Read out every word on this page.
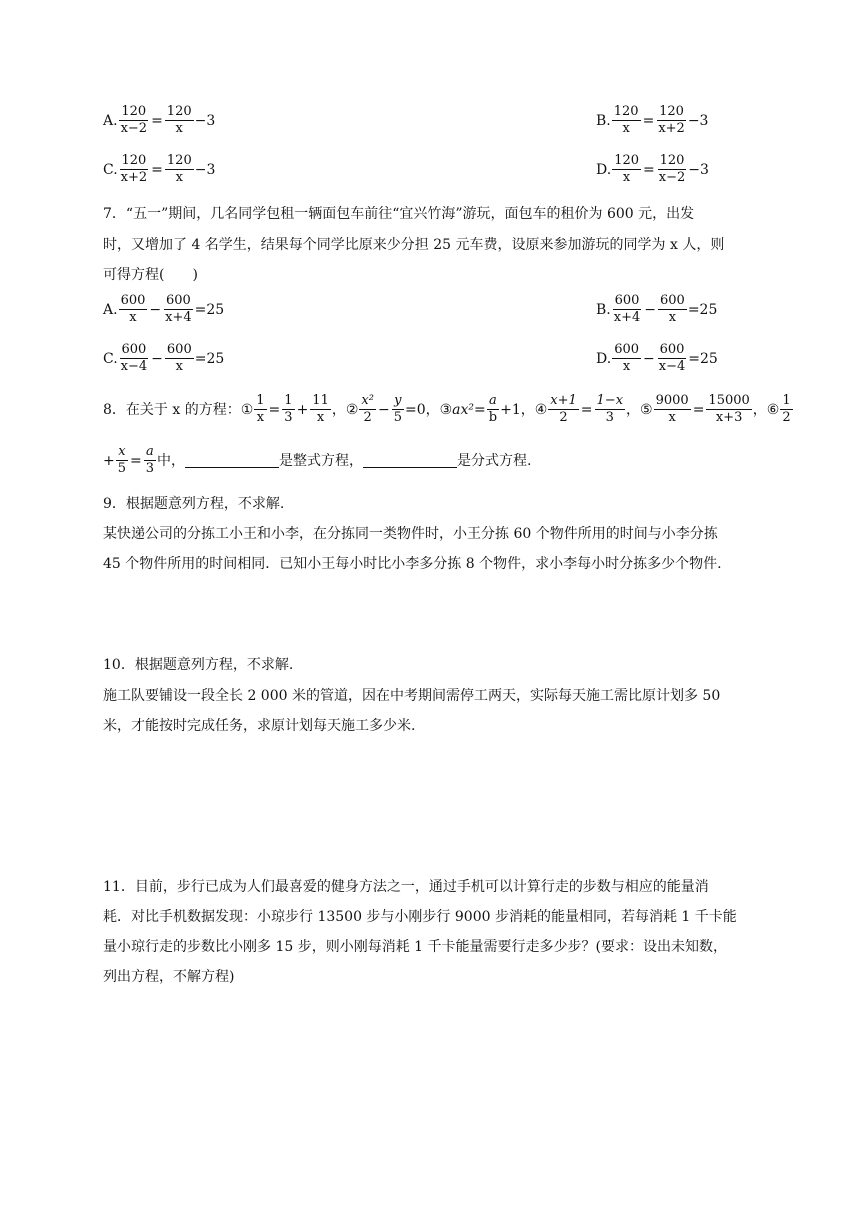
A. $\frac{120}{x-2} = \frac{120}{x} -3$	B. $\frac{120}{x} = \frac{120}{x+2} -3$
C. $\frac{120}{x+2} = \frac{120}{x} -3$	D. $\frac{120}{x} = \frac{120}{x-2} -3$
7．“五一”期间，几名同学包租一辆面包车前往“宜兴竹海”游玩，面包车的租价为 600 元，出发
时，又增加了 4 名学生，结果每个同学比原来少分担 25 元车费，设原来参加游玩的同学为 x 人，则
可得方程(　　)
A. $\frac{600}{x} - \frac{600}{x+4} =25$	B. $\frac{600}{x+4} - \frac{600}{x} =25$
C. $\frac{600}{x-4} - \frac{600}{x} =25$	D. $\frac{600}{x} - \frac{600}{x-4} =25$
8．在关于 x 的方程： ① $\frac{1}{x} = \frac{1}{3} + \frac{11}{x}$ ， ② $\frac{\text{x²}}{2} - \frac{y}{5} =0$， ③ $ax^2= \frac{a}{b} +1$， ④ $\frac{x+1}{2} = \frac{1-x}{3}$ ， ⑤ $\frac{9000}{x} = \frac{15000}{x+3}$ ， ⑥ $\frac{1}{2}$
+ $\frac{x}{5} = \frac{a}{3}$ 中，	是整式方程，	是分式方程.
9．根据题意列方程，不求解.
某快递公司的分拣工小王和小李，在分拣同一类物件时，小王分拣 60 个物件所用的时间与小李分拣
45 个物件所用的时间相同．已知小王每小时比小李多分拣 8 个物件，求小李每小时分拣多少个物件.
10．根据题意列方程，不求解.
施工队要铺设一段全长 2 000 米的管道，因在中考期间需停工两天，实际每天施工需比原计划多 50
米，才能按时完成任务，求原计划每天施工多少米.
11．目前，步行已成为人们最喜爱的健身方法之一，通过手机可以计算行走的步数与相应的能量消
耗．对比手机数据发现：小琼步行 13500 步与小刚步行 9000 步消耗的能量相同，若每消耗 1 千卡能
量小琼行走的步数比小刚多 15 步，则小刚每消耗 1 千卡能量需要行走多少步？(要求：设出未知数，
列出方程，不解方程)
